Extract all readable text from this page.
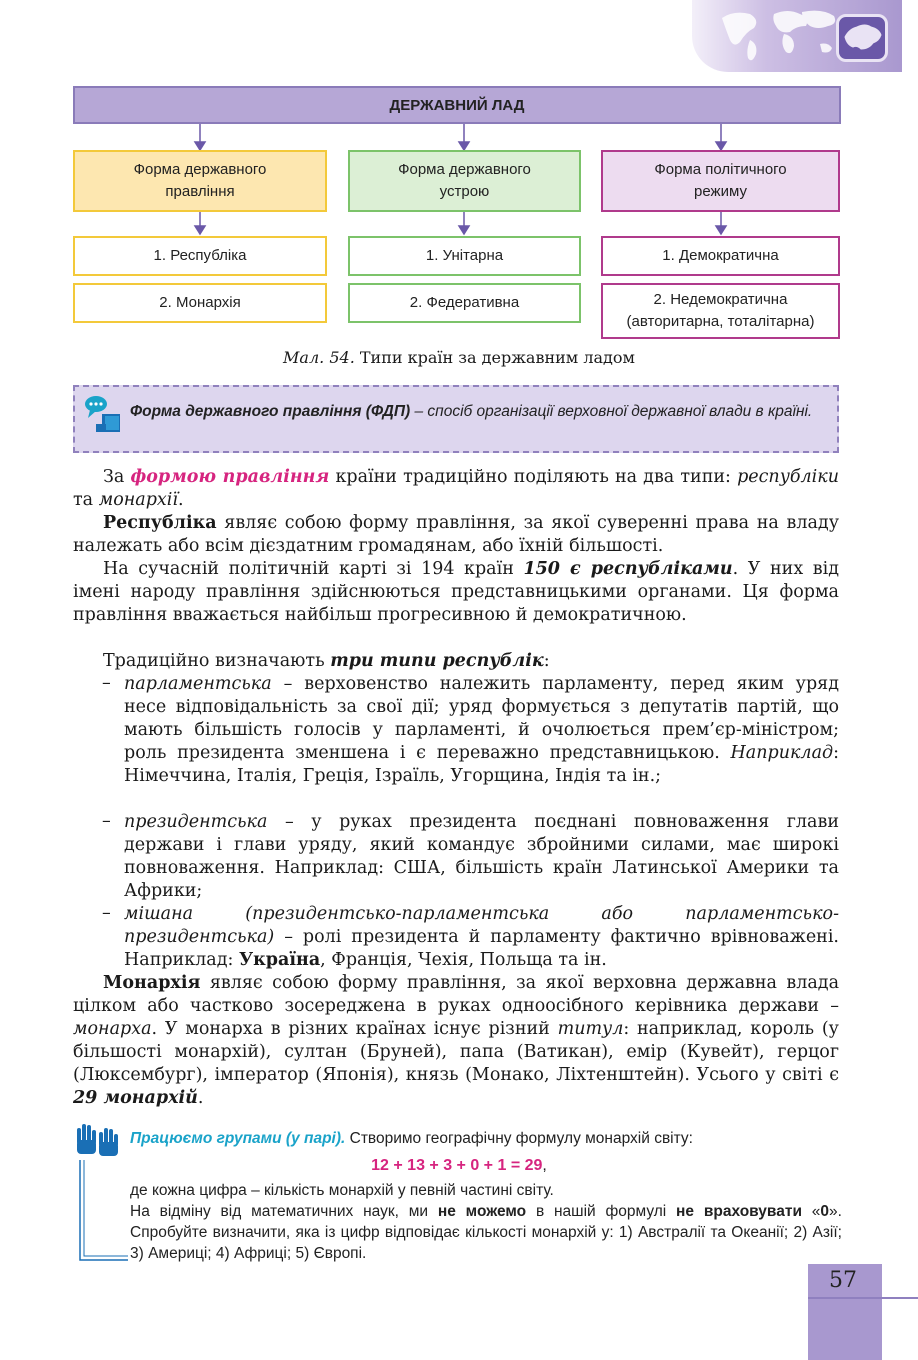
ДЕРЖАВНИЙ ЛАД
Форма державного правління
Форма державного устрою
Форма політичного режиму
1. Республіка	1. Унітарна	1. Демократична
2. Монархія	2. Федеративна	2. Недемократична (авторитарна, тоталітарна)
Мал. 54. Типи країн за державним ладом
Форма державного правління (ФДП) – спосіб організації верховної державної влади в країні.

За формою правління країни традиційно поділяють на два типи: республіки та монархії.

Республіка являє собою форму правління, за якої суверенні права на владу належать або всім дієздатним громадянам, або їхній більшості.

На сучасній політичній карті зі 194 країн 150 є республіками. У них від імені народу правління здійснюються представницькими органами. Ця форма правління вважається найбільш прогресивною й демократичною.

Традиційно визначають три типи республік:

– парламентська – верховенство належить парламенту, перед яким уряд несе відповідальність за свої дії; уряд формується з депутатів партій, що мають більшість голосів у парламенті, й очолюється прем’єр-міністром; роль президента зменшена і є переважно представницькою. Наприклад: Німеччина, Італія, Греція, Ізраїль, Угорщина, Індія та ін.;

– президентська – у руках президента поєднані повноваження глави держави і глави уряду, який командує збройними силами, має широкі повноваження. Наприклад: США, більшість країн Латинської Америки та Африки;

– мішана (президентсько-парламентська або парламентсько-президентська) – ролі президента й парламенту фактично врівноважені. Наприклад: Україна, Франція, Чехія, Польща та ін.

Монархія являє собою форму правління, за якої верховна державна влада цілком або частково зосереджена в руках одноосібного керівника держави – монарха. У монарха в різних країнах існує різний титул: наприклад, король (у більшості монархій), султан (Бруней), папа (Ватикан), емір (Кувейт), герцог (Люксембург), імператор (Японія), князь (Монако, Ліхтенштейн). Усього у світі є 29 монархій.

Працюємо групами (у парі). Створимо географічну формулу монархій світу:
12 + 13 + 3 + 0 + 1 = 29,
де кожна цифра – кількість монархій у певній частині світу.
На відміну від математичних наук, ми не можемо в нашій формулі не враховувати «0». Спробуйте визначити, яка із цифр відповідає кількості монархій у: 1) Австралії та Океанії; 2) Азії; 3) Америці; 4) Африці; 5) Європі.
57
